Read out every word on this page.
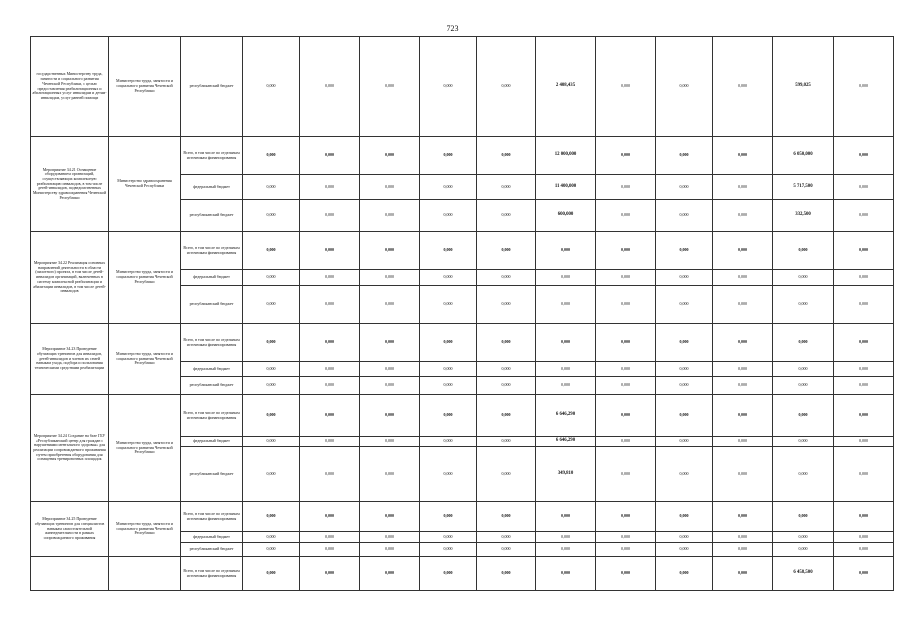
723
государственных Министерству труда, занятости и социального развития Чеченской Республики, с целью предоставления реабилитационных и абилитационных услуг инвалидам и детям-инвалидам, услуг ранней помощи	Министерство труда, занятости и социального развития Чеченской Республики	республиканский бюджет	0,000	0,000	0,000	0,000	0,000	2 408,435	0,000	0,000	0,000	599,025	0,000
Мероприятие 34.21 Оснащение оборудованием организаций, осуществляющих комплексную реабилитацию инвалидов, в том числе детей-инвалидов, подведомственных Министерству здравоохранения Чеченской Республики	Министерство здравоохранения Чеченской Республики	Всего, в том числе по отдельным источникам финансирования	0,000	0,000	0,000	0,000	0,000	12 000,000	0,000	0,000	0,000	6 050,000	0,000
		федеральный бюджет	0,000	0,000	0,000	0,000	0,000	11 400,000	0,000	0,000	0,000	5 717,500	0,000
		республиканский бюджет	0,000	0,000	0,000	0,000	0,000	600,000	0,000	0,000	0,000	332,500	0,000
Мероприятие 34.22 Реализация основных направлений деятельности в области (пилотного) проекта, в том числе детей-инвалидов организаций, включенных в систему комплексной реабилитации и абилитации инвалидов, в том числе детей-инвалидов	Министерство труда, занятости и социального развития Чеченской Республики	Всего, в том числе по отдельным источникам финансирования	0,000	0,000	0,000	0,000	0,000	0,000	0,000	0,000	0,000	0,000	0,000
		федеральный бюджет	0,000	0,000	0,000	0,000	0,000	0,000	0,000	0,000	0,000	0,000	0,000
		республиканский бюджет	0,000	0,000	0,000	0,000	0,000	0,000	0,000	0,000	0,000	0,000	0,000
Мероприятие 34.23 Проведение обучающих тренингов для инвалидов, детей-инвалидов и членов их семей навыкам ухода, подбора и пользования техническими средствами реабилитации	Министерство труда, занятости и социального развития Чеченской Республики	Всего, в том числе по отдельным источникам финансирования	0,000	0,000	0,000	0,000	0,000	0,000	0,000	0,000	0,000	0,000	0,000
		федеральный бюджет	0,000	0,000	0,000	0,000	0,000	0,000	0,000	0,000	0,000	0,000	0,000
		республиканский бюджет	0,000	0,000	0,000	0,000	0,000	0,000	0,000	0,000	0,000	0,000	0,000
Мероприятие 34.24 Создание на базе ГБУ «Республиканский центр для граждан с нарушениями ментального здоровья» для реализации сопровождаемого проживания путем приобретения оборудования для оснащения тренировочных площадок	Министерство труда, занятости и социального развития Чеченской Республики	Всего, в том числе по отдельным источникам финансирования	0,000	0,000	0,000	0,000	0,000	6 646,290	0,000	0,000	0,000	0,000	0,000
		федеральный бюджет	0,000	0,000	0,000	0,000	0,000	6 646,290	0,000	0,000	0,000	0,000	0,000
		республиканский бюджет	0,000	0,000	0,000	0,000	0,000	349,810	0,000	0,000	0,000	0,000	0,000
Мероприятие 34.25 Проведение обучающих тренингов для специалистов навыкам самостоятельной жизнедеятельности в рамках сопровождаемого проживания	Министерство труда, занятости и социального развития Чеченской Республики	Всего, в том числе по отдельным источникам финансирования	0,000	0,000	0,000	0,000	0,000	0,000	0,000	0,000	0,000	0,000	0,000
		федеральный бюджет	0,000	0,000	0,000	0,000	0,000	0,000	0,000	0,000	0,000	0,000	0,000
		республиканский бюджет	0,000	0,000	0,000	0,000	0,000	0,000	0,000	0,000	0,000	0,000	0,000
		Всего, в том числе по отдельным источникам финансирования	0,000	0,000	0,000	0,000	0,000	0,000	0,000	0,000	0,000	6 458,500	0,000
